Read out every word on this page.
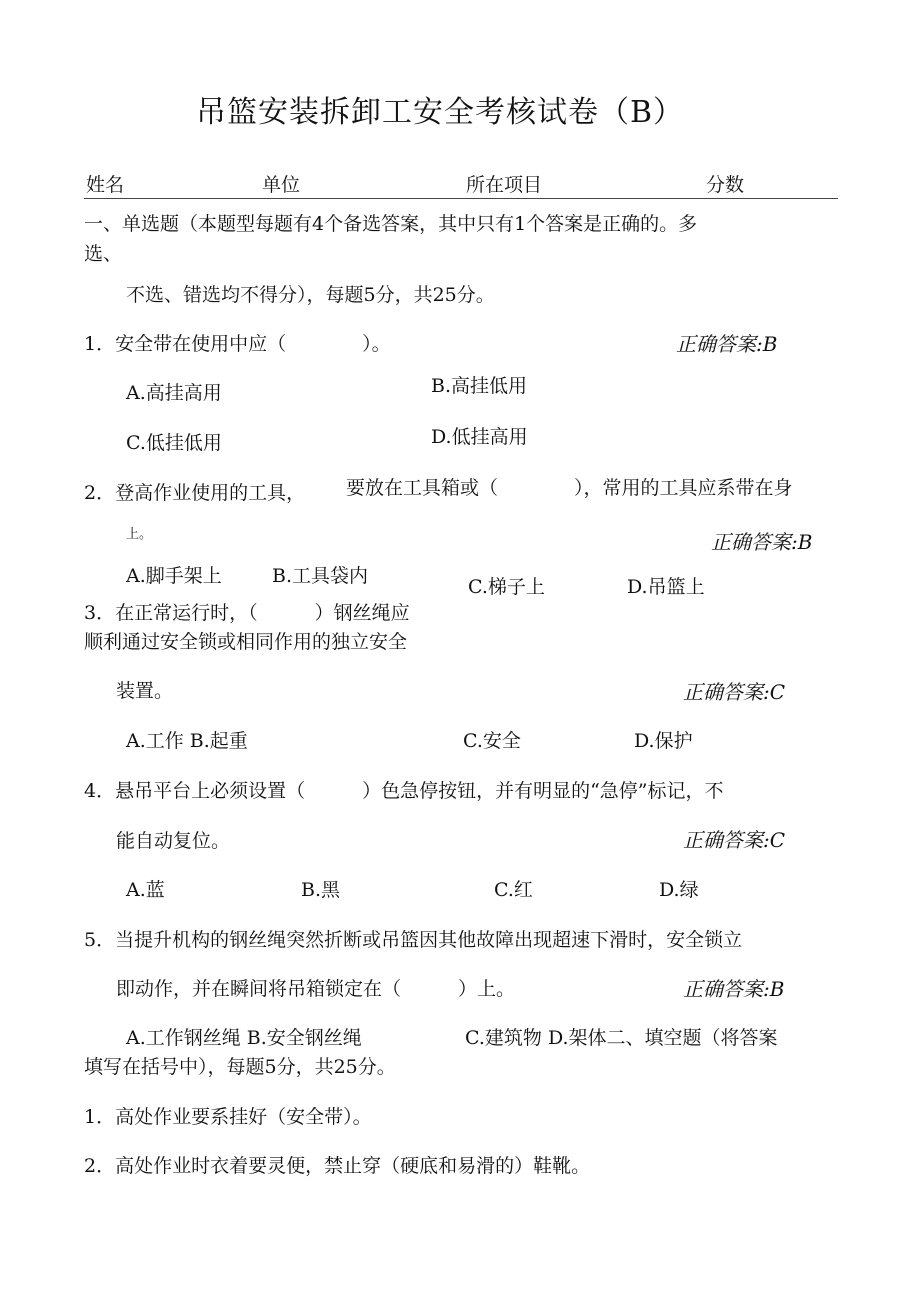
吊篮安装拆卸工安全考核试卷（B）
姓名	单位	所在项目	分数
一、单选题（本题型每题有4个备选答案，其中只有1个答案是正确的。多
选、
不选、错选均不得分），每题5分，共25分。
1．安全带在使用中应（　　　　）。	正确答案:B
A.高挂高用	B.高挂低用
C.低挂低用	D.低挂高用
2．登高作业使用的工具， 要放在工具箱或（　　　　），常用的工具应系带在身
上。	正确答案:B
A.脚手架上	B.工具袋内	C.梯子上	D.吊篮上
3．在正常运行时，（　　　）钢丝绳应
顺利通过安全锁或相同作用的独立安全
装置。	正确答案:C
A.工作 B.起重	C.安全	D.保护
4．悬吊平台上必须设置（　　　）色急停按钮，并有明显的“急停”标记，不
能自动复位。	正确答案:C
A.蓝	B.黑	C.红	D.绿
5．当提升机构的钢丝绳突然折断或吊篮因其他故障出现超速下滑时，安全锁立
即动作，并在瞬间将吊箱锁定在（　　　）上。	正确答案:B
A.工作钢丝绳 B.安全钢丝绳	C.建筑物 D.架体二、填空题（将答案
填写在括号中），每题5分，共25分。
1．高处作业要系挂好（安全带）。
2．高处作业时衣着要灵便，禁止穿（硬底和易滑的）鞋靴。
